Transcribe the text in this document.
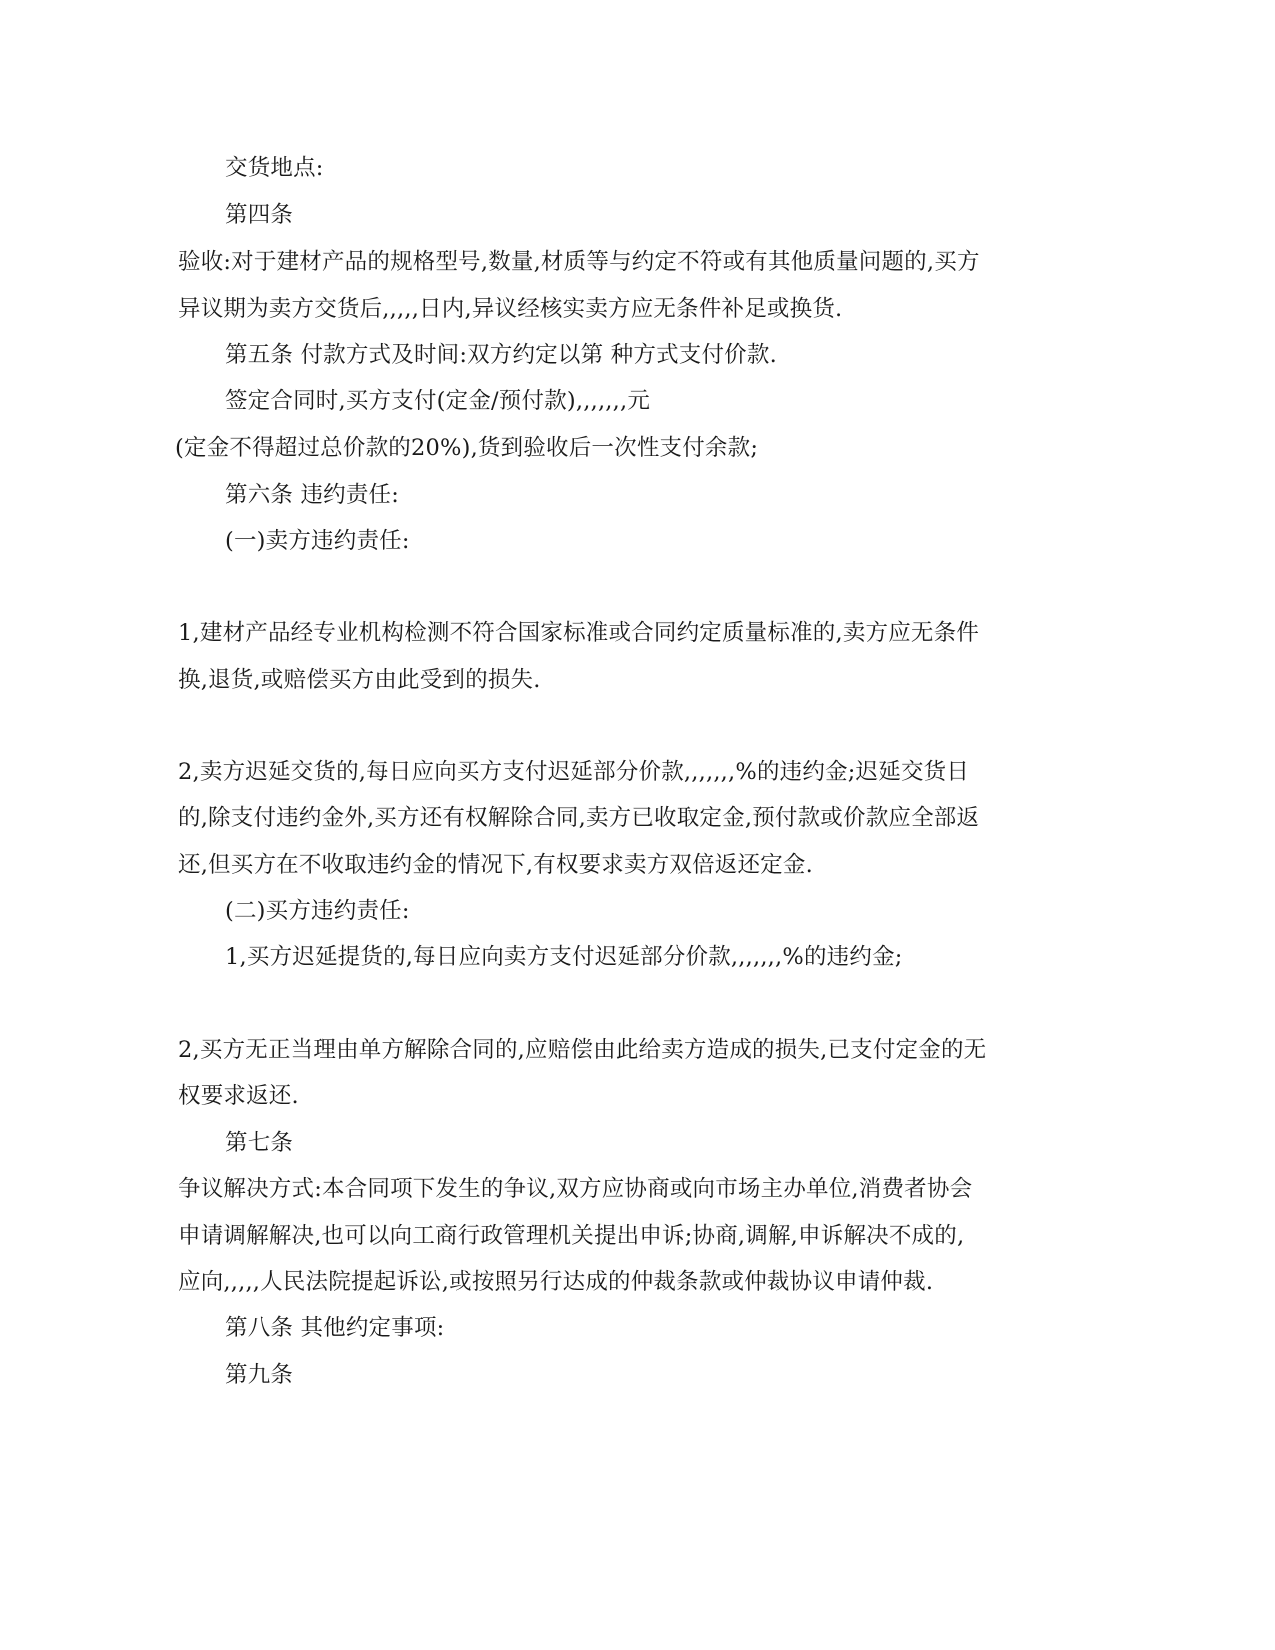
交货地点:
第四条
验收:对于建材产品的规格型号,数量,材质等与约定不符或有其他质量问题的,买方
异议期为卖方交货后,,,,,日内,异议经核实卖方应无条件补足或换货.
第五条 付款方式及时间:双方约定以第 种方式支付价款.
签定合同时,买方支付(定金/预付款),,,,,,,元
(定金不得超过总价款的20%),货到验收后一次性支付余款;
第六条 违约责任:
(一)卖方违约责任:
1,建材产品经专业机构检测不符合国家标准或合同约定质量标准的,卖方应无条件
换,退货,或赔偿买方由此受到的损失.
2,卖方迟延交货的,每日应向买方支付迟延部分价款,,,,,,,%的违约金;迟延交货日
的,除支付违约金外,买方还有权解除合同,卖方已收取定金,预付款或价款应全部返
还,但买方在不收取违约金的情况下,有权要求卖方双倍返还定金.
(二)买方违约责任:
1,买方迟延提货的,每日应向卖方支付迟延部分价款,,,,,,,%的违约金;
2,买方无正当理由单方解除合同的,应赔偿由此给卖方造成的损失,已支付定金的无
权要求返还.
第七条
争议解决方式:本合同项下发生的争议,双方应协商或向市场主办单位,消费者协会
申请调解解决,也可以向工商行政管理机关提出申诉;协商,调解,申诉解决不成的,
应向,,,,,人民法院提起诉讼,或按照另行达成的仲裁条款或仲裁协议申请仲裁.
第八条 其他约定事项:
第九条
